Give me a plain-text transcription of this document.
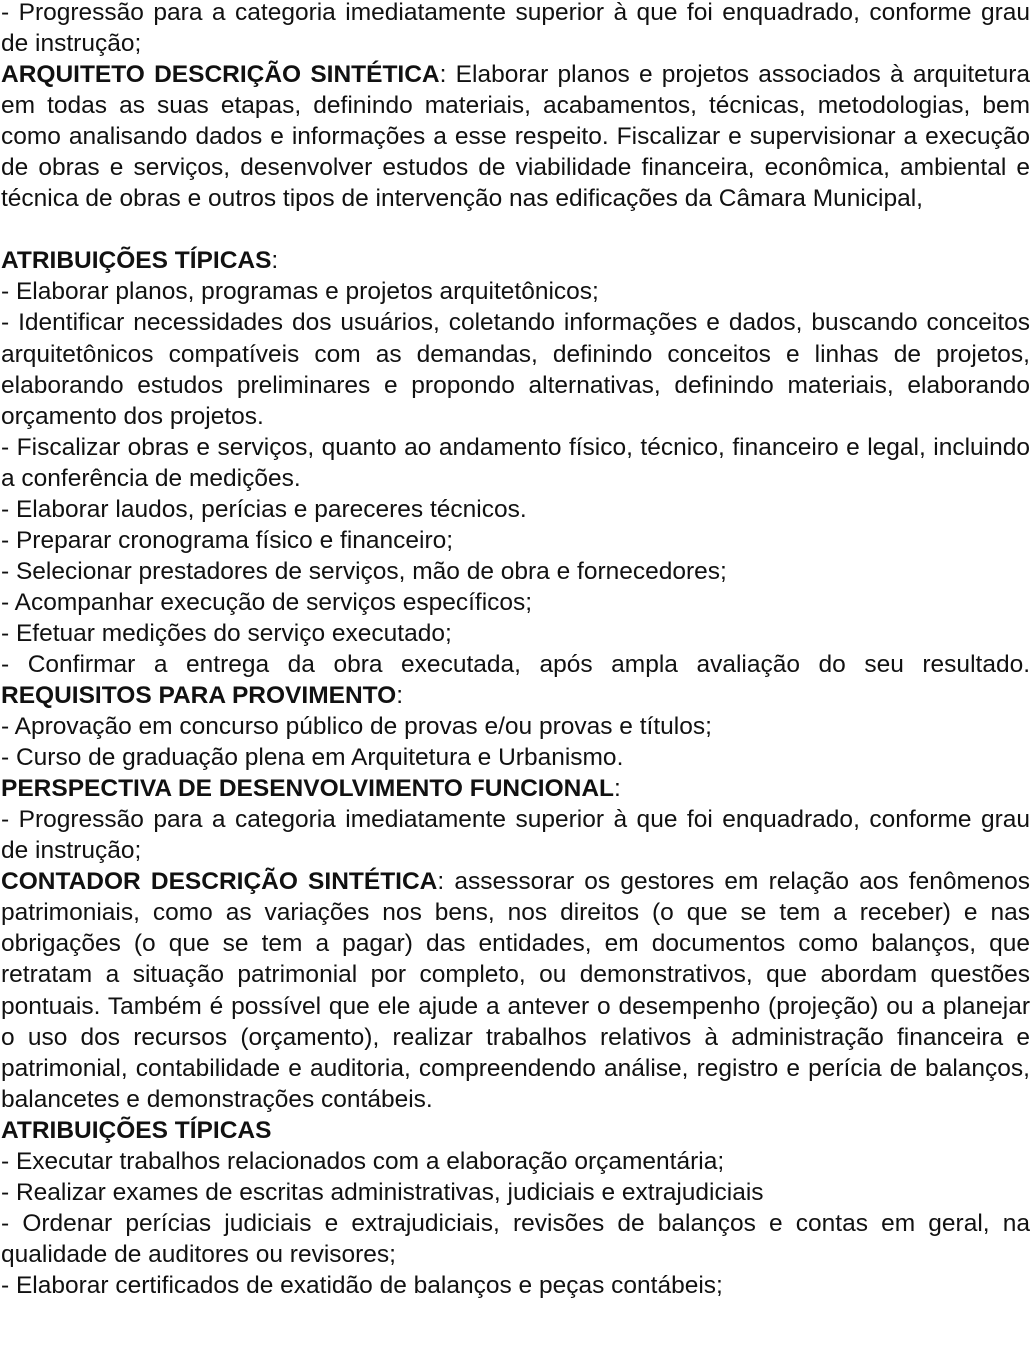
- Progressão para a categoria imediatamente superior à que foi enquadrado, conforme grau de instrução;

ARQUITETO DESCRIÇÃO SINTÉTICA: Elaborar planos e projetos associados à arquitetura em todas as suas etapas, definindo materiais, acabamentos, técnicas, metodologias, bem como analisando dados e informações a esse respeito. Fiscalizar e supervisionar a execução de obras e serviços, desenvolver estudos de viabilidade financeira, econômica, ambiental e técnica de obras e outros tipos de intervenção nas edificações da Câmara Municipal,

ATRIBUIÇÕES TÍPICAS:

- Elaborar planos, programas e projetos arquitetônicos;

- Identificar necessidades dos usuários, coletando informações e dados, buscando conceitos arquitetônicos compatíveis com as demandas, definindo conceitos e linhas de projetos, elaborando estudos preliminares e propondo alternativas, definindo materiais, elaborando orçamento dos projetos.

- Fiscalizar obras e serviços, quanto ao andamento físico, técnico, financeiro e legal, incluindo a conferência de medições.

- Elaborar laudos, perícias e pareceres técnicos.

- Preparar cronograma físico e financeiro;

- Selecionar prestadores de serviços, mão de obra e fornecedores;

- Acompanhar execução de serviços específicos;

- Efetuar medições do serviço executado;

- Confirmar a entrega da obra executada, após ampla avaliação do seu resultado.

REQUISITOS PARA PROVIMENTO:

- Aprovação em concurso público de provas e/ou provas e títulos;

- Curso de graduação plena em Arquitetura e Urbanismo.

PERSPECTIVA DE DESENVOLVIMENTO FUNCIONAL:

- Progressão para a categoria imediatamente superior à que foi enquadrado, conforme grau de instrução;

CONTADOR DESCRIÇÃO SINTÉTICA: assessorar os gestores em relação aos fenômenos patrimoniais, como as variações nos bens, nos direitos (o que se tem a receber) e nas obrigações (o que se tem a pagar) das entidades, em documentos como balanços, que retratam a situação patrimonial por completo, ou demonstrativos, que abordam questões pontuais. Também é possível que ele ajude a antever o desempenho (projeção) ou a planejar o uso dos recursos (orçamento), realizar trabalhos relativos à administração financeira e patrimonial, contabilidade e auditoria, compreendendo análise, registro e perícia de balanços, balancetes e demonstrações contábeis.

ATRIBUIÇÕES TÍPICAS

- Executar trabalhos relacionados com a elaboração orçamentária;

- Realizar exames de escritas administrativas, judiciais e extrajudiciais

- Ordenar perícias judiciais e extrajudiciais, revisões de balanços e contas em geral, na qualidade de auditores ou revisores;

- Elaborar certificados de exatidão de balanços e peças contábeis;
